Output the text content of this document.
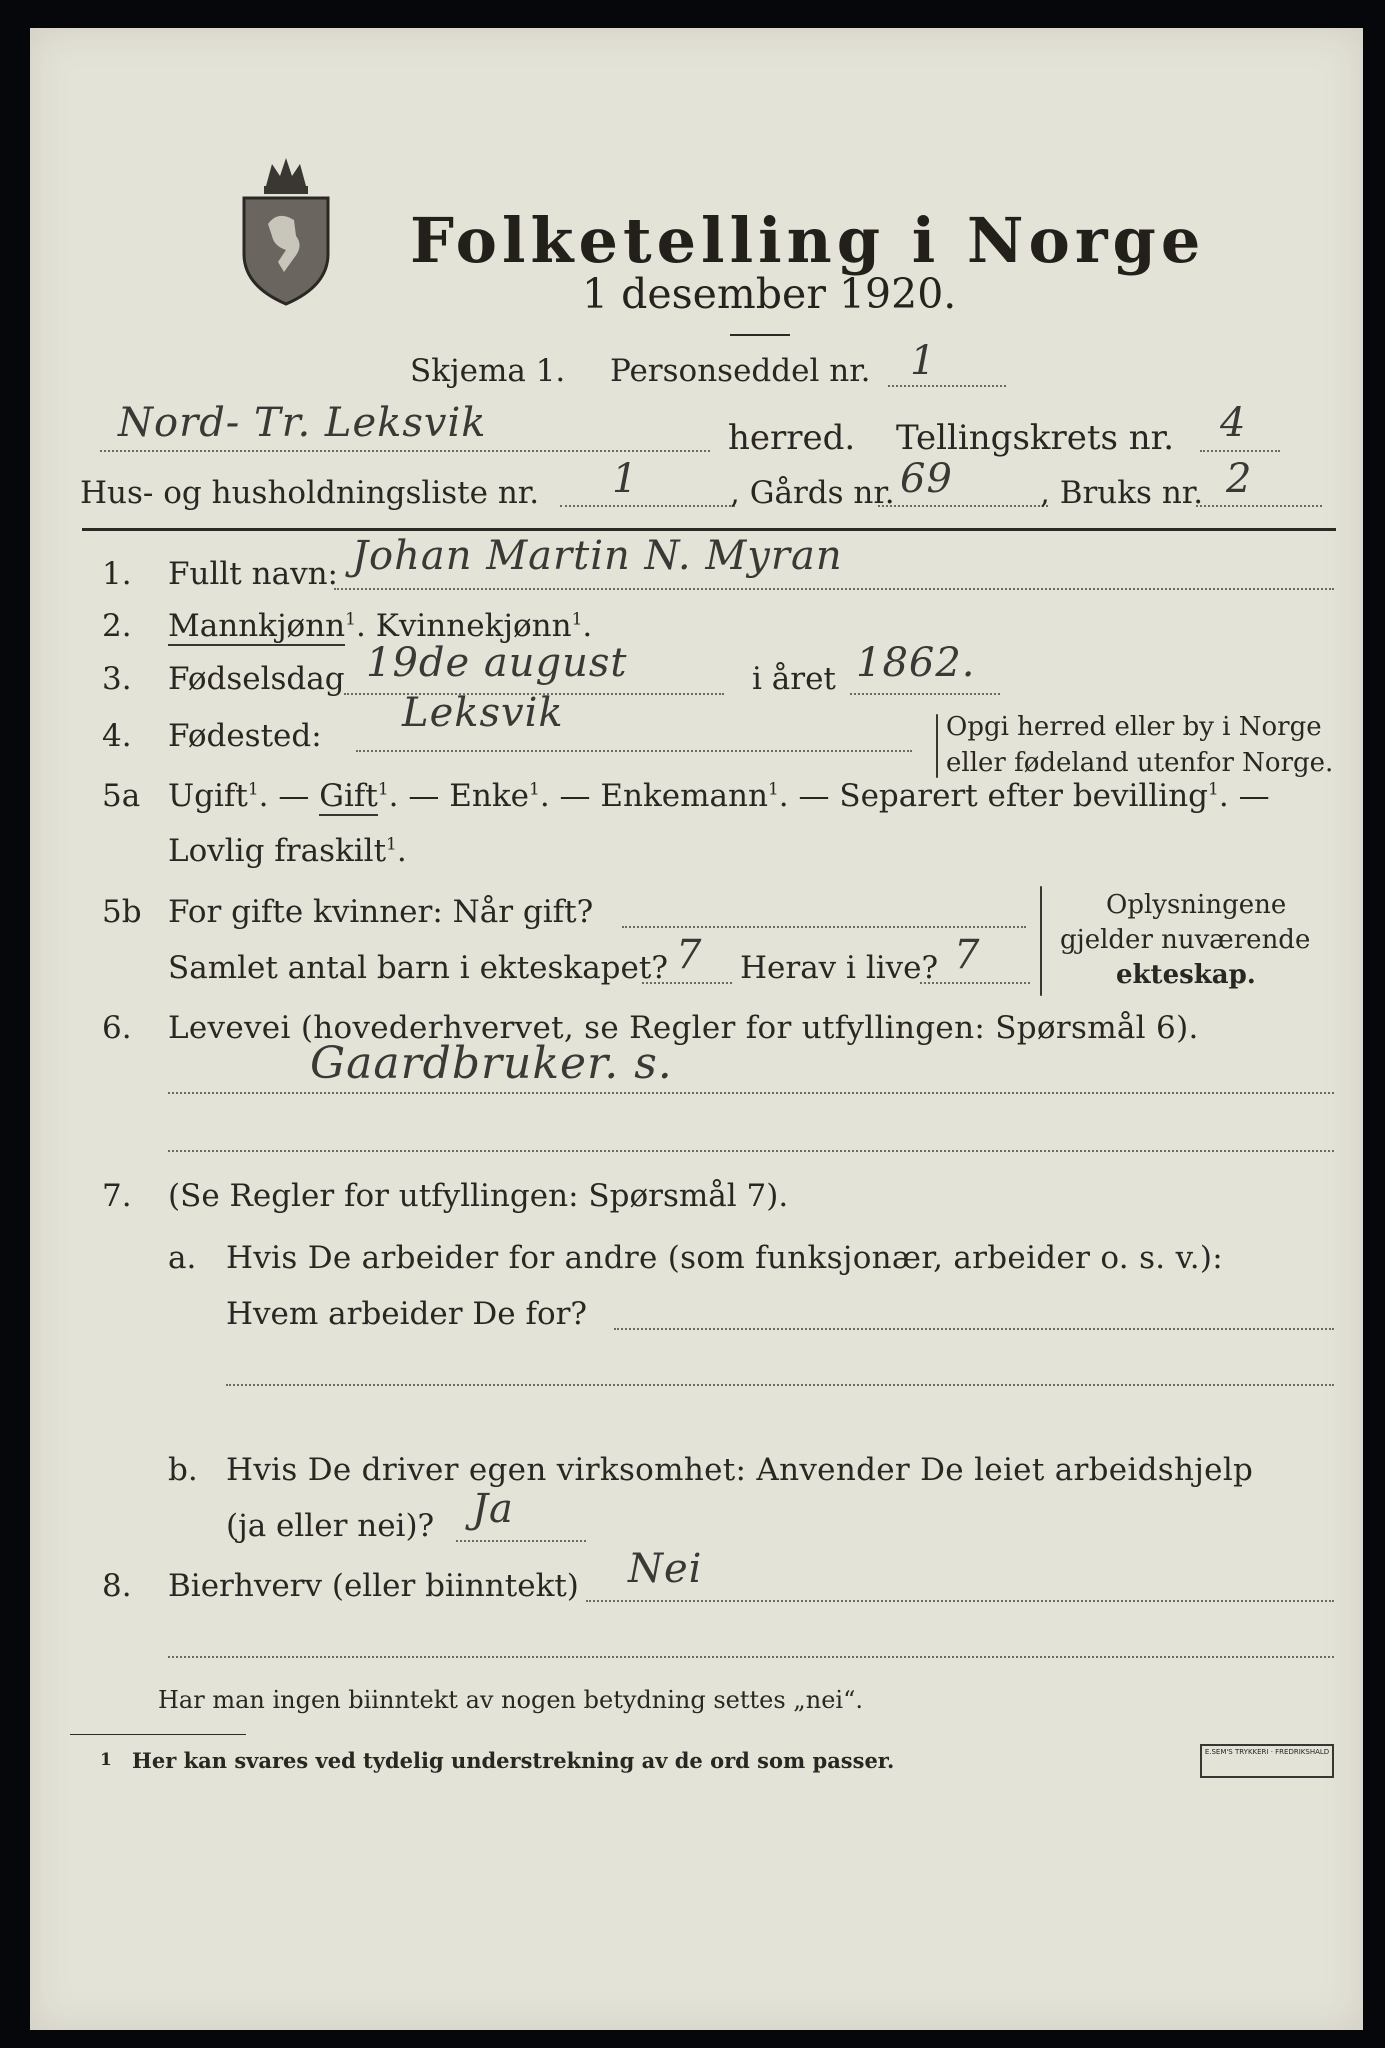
Folketelling i Norge
1 desember 1920.
Skjema 1. Personseddel nr. 1
Nord- Tr. Leksvik	herred. Tellingskrets nr. 4
Hus- og husholdningsliste nr. 1	, Gårds nr. 69	, Bruks nr. 2
1. Fullt navn: Johan Martin N. Myran
2. Mannkjønn$^1$. Kvinnekjønn$^1$.
3. Fødselsdag 19de august	i året 1862.
4. Fødested: Leksvik	Opgi herred eller by i Norge
eller fødeland utenfor Norge.
5a Ugift$^1$. — Gift$^1$. — Enke$^1$. — Enkemann$^1$. — Separert efter bevilling$^1$. —
Lovlig fraskilt$^1$.
5b For gifte kvinner: Når gift?
Samlet antal barn i ekteskapet? 7 Herav i live? 7
Oplysningene
gjelder nuværende
ekteskap.
6. Levevei (hovederhvervet, se Regler for utfyllingen: Spørsmål 6).
Gaardbruker. s.
7. (Se Regler for utfyllingen: Spørsmål 7).
a. Hvis De arbeider for andre (som funksjonær, arbeider o. s. v.):
Hvem arbeider De for?
b. Hvis De driver egen virksomhet: Anvender De leiet arbeidshjelp
(ja eller nei)? Ja
8. Bierhverv (eller biinntekt) Nei
Har man ingen biinntekt av nogen betydning settes „nei“.
1 Her kan svares ved tydelig understrekning av de ord som passer.	E.SEM'S TRYKKERI · FREDRIKSHALD
